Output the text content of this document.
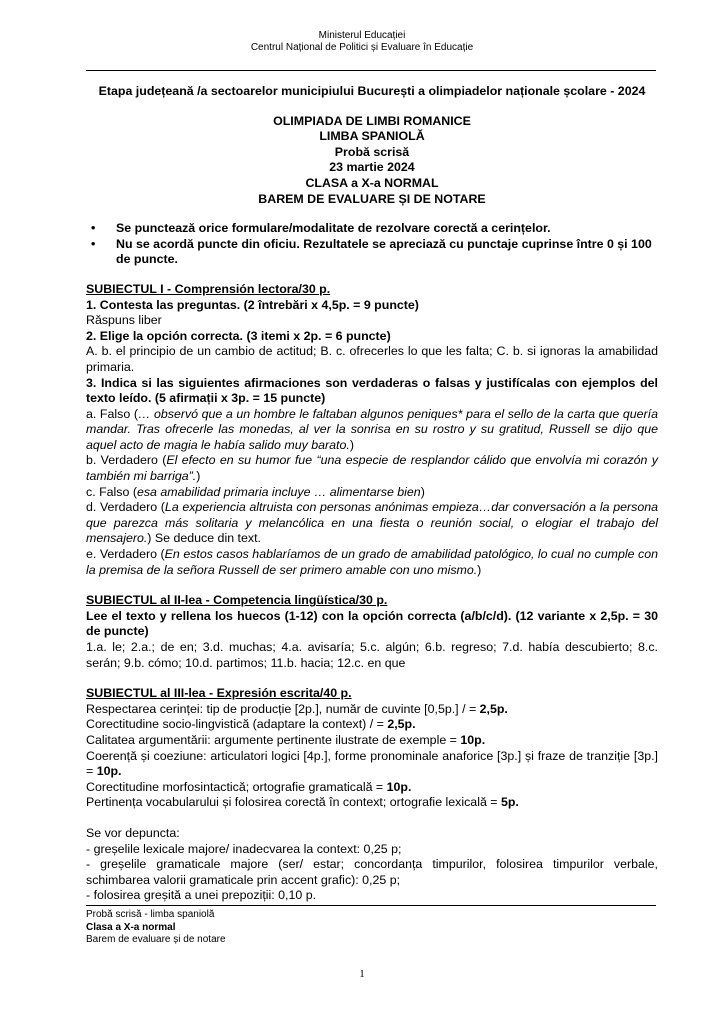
Ministerul Educației
Centrul Național de Politici și Evaluare în Educație

Etapa județeană /a sectoarelor municipiului București a olimpiadelor naționale școlare - 2024

OLIMPIADA DE LIMBI ROMANICE
LIMBA SPANIOLĂ
Probă scrisă
23 martie 2024
CLASA a X-a NORMAL
BAREM DE EVALUARE ȘI DE NOTARE
• Se punctează orice formulare/modalitate de rezolvare corectă a cerințelor.
• Nu se acordă puncte din oficiu. Rezultatele se apreciază cu punctaje cuprinse între 0 și 100 de puncte.

SUBIECTUL I - Comprensión lectora/30 p.

1. Contesta las preguntas. (2 întrebări x 4,5p. = 9 puncte)

Răspuns liber

2. Elige la opción correcta. (3 itemi x 2p. = 6 puncte)

A. b. el principio de un cambio de actitud; B. c. ofrecerles lo que les falta; C. b. si ignoras la amabilidad primaria.

3. Indica si las siguientes afirmaciones son verdaderas o falsas y justifícalas con ejemplos del texto leído. (5 afirmații x 3p. = 15 puncte)

a. Falso (… observó que a un hombre le faltaban algunos peniques* para el sello de la carta que quería mandar. Tras ofrecerle las monedas, al ver la sonrisa en su rostro y su gratitud, Russell se dijo que aquel acto de magia le había salido muy barato.)

b. Verdadero (El efecto en su humor fue “una especie de resplandor cálido que envolvía mi corazón y también mi barriga”.)

c. Falso (esa amabilidad primaria incluye … alimentarse bien)

d. Verdadero (La experiencia altruista con personas anónimas empieza…dar conversación a la persona que parezca más solitaria y melancólica en una fiesta o reunión social, o elogiar el trabajo del mensajero.) Se deduce din text.

e. Verdadero (En estos casos hablaríamos de un grado de amabilidad patológico, lo cual no cumple con la premisa de la señora Russell de ser primero amable con uno mismo.)

SUBIECTUL al II-lea - Competencia lingüística/30 p.

Lee el texto y rellena los huecos (1-12) con la opción correcta (a/b/c/d). (12 variante x 2,5p. = 30 de puncte)

1.a. le; 2.a.; de en; 3.d. muchas; 4.a. avisaría; 5.c. algún; 6.b. regreso; 7.d. había descubierto; 8.c. serán; 9.b. cómo; 10.d. partimos; 11.b. hacia; 12.c. en que

SUBIECTUL al III-lea - Expresión escrita/40 p.

Respectarea cerinței: tip de producție [2p.], număr de cuvinte [0,5p.] / = 2,5p.

Corectitudine socio-lingvistică (adaptare la context) / = 2,5p.

Calitatea argumentării: argumente pertinente ilustrate de exemple = 10p.

Coerență și coeziune: articulatori logici [4p.], forme pronominale anaforice [3p.] și fraze de tranziție [3p.] = 10p.

Corectitudine morfosintactică; ortografie gramaticală = 10p.

Pertinența vocabularului și folosirea corectă în context; ortografie lexicală = 5p.

Se vor depuncta:

- greșelile lexicale majore/ inadecvarea la context: 0,25 p;

- greșelile gramaticale majore (ser/ estar; concordanța timpurilor, folosirea timpurilor verbale, schimbarea valorii gramaticale prin accent grafic): 0,25 p;

- folosirea greșită a unei prepoziții: 0,10 p.

Probă scrisă - limba spaniolă
Clasa a X-a normal
Barem de evaluare și de notare
1
